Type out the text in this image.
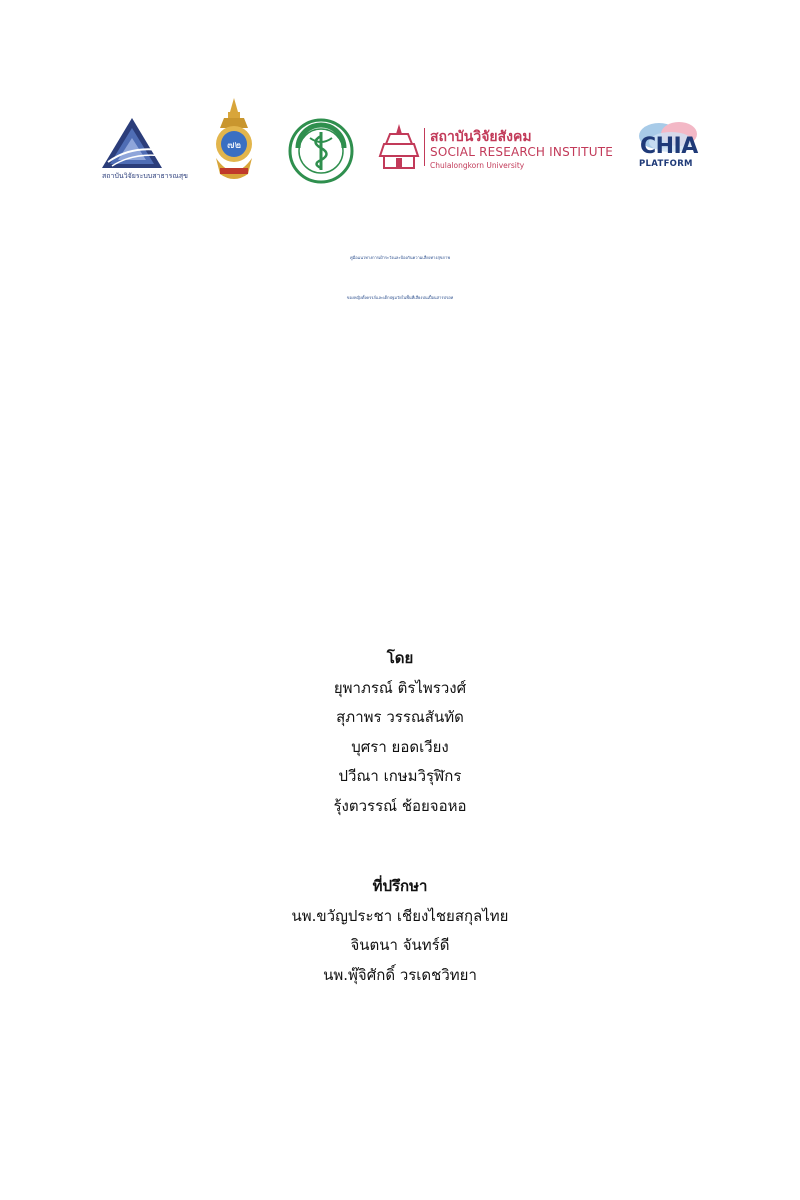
สถาบันวิจัยระบบสาธารณสุข
๗๒
สถาบันวิจัยสังคม
SOCIAL RESEARCH INSTITUTE
Chulalongkorn University
CHIA
PLATFORM
คู่มือแนวทางการเฝ้าระวังและป้องกันความเสี่ยงทางสุขภาพ
ของหญิงตั้งครรภ์และเด็กปฐมวัยในพื้นที่เสี่ยงปนเปื้อนสารปรอท
โดย
ยุพาภรณ์ ติรไพรวงศ์
สุภาพร วรรณสันทัด
บุศรา ยอดเวียง
ปวีณา เกษมวิรุฬิกร
รุ้งตวรรณ์ ช้อยจอหอ
ที่ปรึกษา
นพ.ขวัญประชา เชียงไชยสกุลไทย
จินตนา จันทร์ดี
นพ.พุ๊จิศักดิ์ วรเดชวิทยา
